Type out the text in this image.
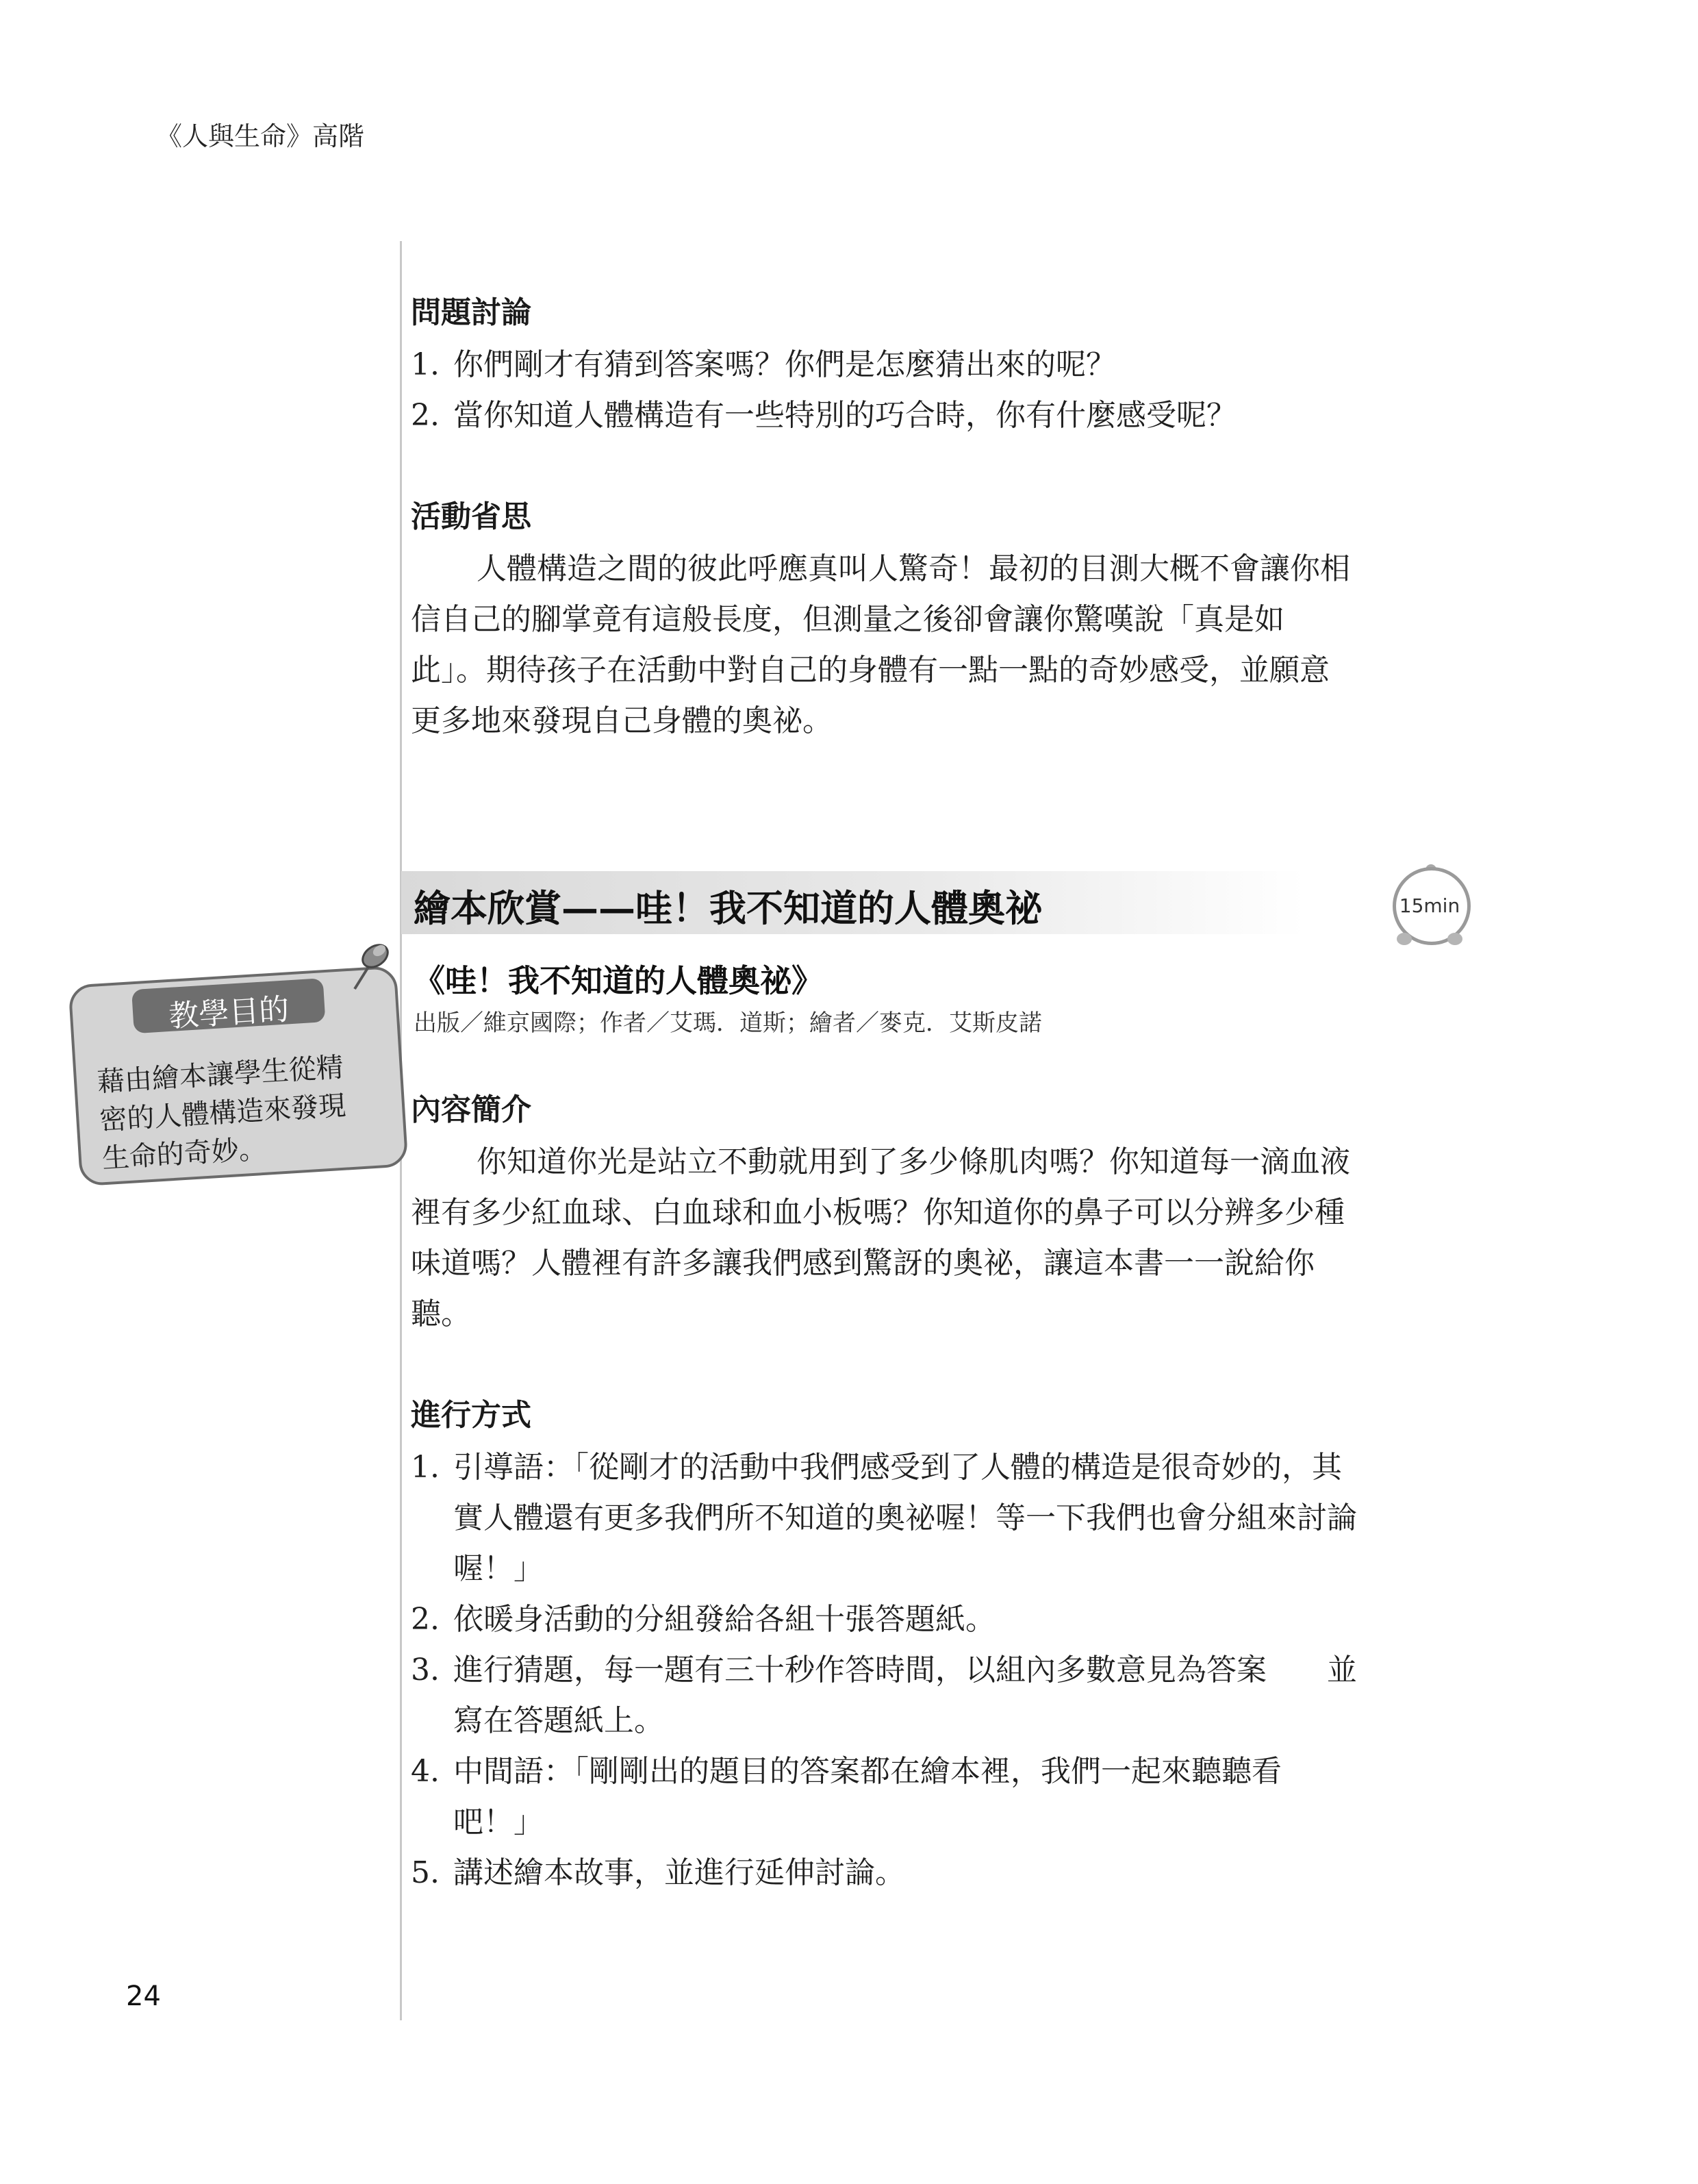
《人與生命》高階
問題討論
1. 你們剛才有猜到答案嗎？你們是怎麼猜出來的呢？
2. 當你知道人體構造有一些特別的巧合時，你有什麼感受呢？
活動省思
人體構造之間的彼此呼應真叫人驚奇！最初的目測大概不會讓你相
信自己的腳掌竟有這般長度，但測量之後卻會讓你驚嘆說「真是如
此」。期待孩子在活動中對自己的身體有一點一點的奇妙感受，並願意
更多地來發現自己身體的奧祕。
內容簡介
你知道你光是站立不動就用到了多少條肌肉嗎？你知道每一滴血液
裡有多少紅血球、白血球和血小板嗎？你知道你的鼻子可以分辨多少種
味道嗎？人體裡有許多讓我們感到驚訝的奧祕，讓這本書一一說給你
聽。
進行方式
1. 引導語：「從剛才的活動中我們感受到了人體的構造是很奇妙的，其
實人體還有更多我們所不知道的奧祕喔！等一下我們也會分組來討論
喔！」
2. 依暖身活動的分組發給各組十張答題紙。
3. 進行猜題，每一題有三十秒作答時間，以組內多數意見為答案　　並
寫在答題紙上。
4. 中間語：「剛剛出的題目的答案都在繪本裡，我們一起來聽聽看
吧！」
5. 講述繪本故事，並進行延伸討論。
繪本欣賞——哇！我不知道的人體奧祕	15min
《哇！我不知道的人體奧祕》
出版／維京國際；作者／艾瑪．道斯；繪者／麥克．艾斯皮諾
教學目的
藉由繪本讓學生從精
密的人體構造來發現
生命的奇妙。
24
